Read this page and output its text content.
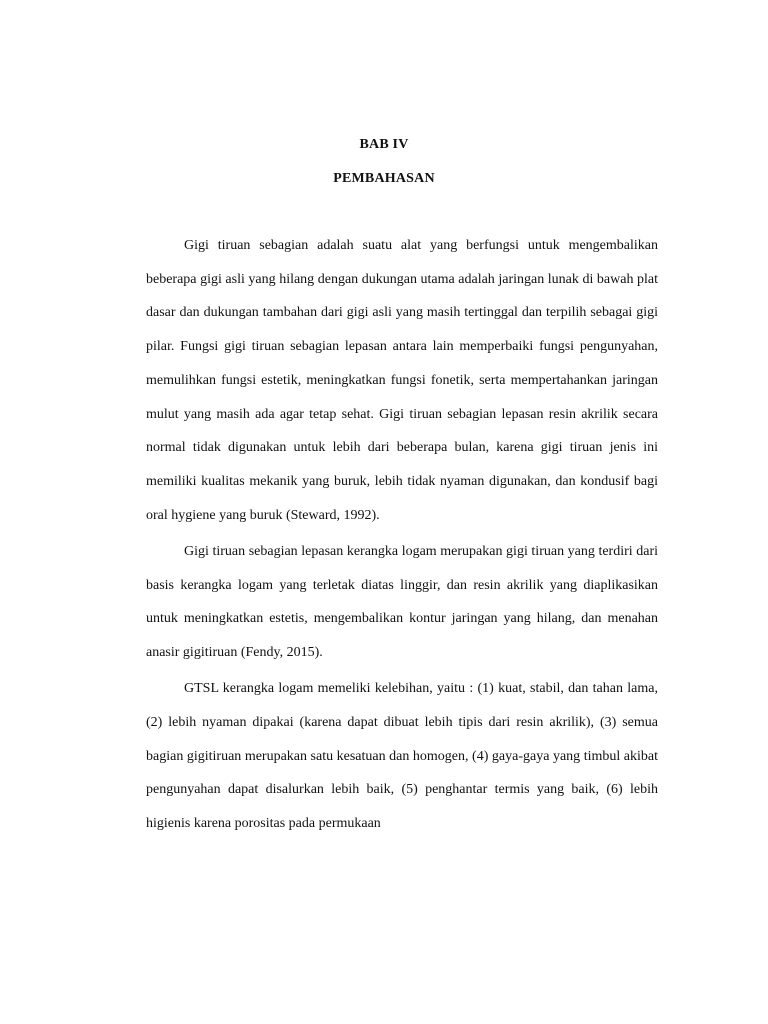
BAB IV
PEMBAHASAN

Gigi tiruan sebagian adalah suatu alat yang berfungsi untuk mengembalikan beberapa gigi asli yang hilang dengan dukungan utama adalah jaringan lunak di bawah plat dasar dan dukungan tambahan dari gigi asli yang masih tertinggal dan terpilih sebagai gigi pilar. Fungsi gigi tiruan sebagian lepasan antara lain memperbaiki fungsi pengunyahan, memulihkan fungsi estetik, meningkatkan fungsi fonetik, serta mempertahankan jaringan mulut yang masih ada agar tetap sehat. Gigi tiruan sebagian lepasan resin akrilik secara normal tidak digunakan untuk lebih dari beberapa bulan, karena gigi tiruan jenis ini memiliki kualitas mekanik yang buruk, lebih tidak nyaman digunakan, dan kondusif bagi oral hygiene yang buruk (Steward, 1992).

Gigi tiruan sebagian lepasan kerangka logam merupakan gigi tiruan yang terdiri dari basis kerangka logam yang terletak diatas linggir, dan resin akrilik yang diaplikasikan untuk meningkatkan estetis, mengembalikan kontur jaringan yang hilang, dan menahan anasir gigitiruan (Fendy, 2015).

GTSL kerangka logam memeliki kelebihan, yaitu : (1) kuat, stabil, dan tahan lama, (2) lebih nyaman dipakai (karena dapat dibuat lebih tipis dari resin akrilik), (3) semua bagian gigitiruan merupakan satu kesatuan dan homogen, (4) gaya-gaya yang timbul akibat pengunyahan dapat disalurkan lebih baik, (5) penghantar termis yang baik, (6) lebih higienis karena porositas pada permukaan
